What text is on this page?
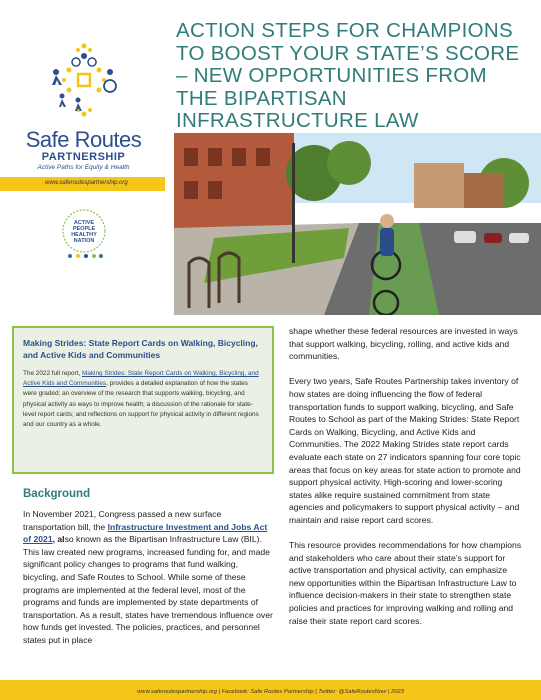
Safe Routes
PARTNERSHIP
Active Paths for Equity & Health
www.saferoutespartnership.org
ACTIVE
PEOPLE
HEALTHY
NATION
ACTION STEPS FOR CHAMPIONS TO BOOST YOUR STATE’S SCORE – NEW OPPORTUNITIES FROM THE BIPARTISAN INFRASTRUCTURE LAW
Making Strides: State Report Cards on Walking, Bicycling, and Active Kids and Communities

The 2022 full report, Making Strides: State Report Cards on Walking, Bicycling, and Active Kids and Communities, provides a detailed explanation of how the states were graded; an overview of the research that supports walking, bicycling, and physical activity as ways to improve health; a discussion of the rationale for state-level report cards; and reflections on support for physical activity in different regions and our country as a whole.

Background
In November 2021, Congress passed a new surface transportation bill, the Infrastructure Investment and Jobs Act of 2021, also known as the Bipartisan Infrastructure Law (BIL). This law created new programs, increased funding for, and made significant policy changes to programs that fund walking, bicycling, and Safe Routes to School. While some of these programs are implemented at the federal level, most of the programs and funds are implemented by state departments of transportation. As a result, states have tremendous influence over how funds get invested. The policies, practices, and personnel states put in place

shape whether these federal resources are invested in ways that support walking, bicycling, rolling, and active kids and communities.

Every two years, Safe Routes Partnership takes inventory of how states are doing influencing the flow of federal transportation funds to support walking, bicycling, and Safe Routes to School as part of the Making Strides: State Report Cards on Walking, Bicycling, and Active Kids and Communities. The 2022 Making Strides state report cards evaluate each state on 27 indicators spanning four core topic areas that focus on key areas for state action to promote and support physical activity. High-scoring and lower-scoring states alike require sustained commitment from state agencies and policymakers to support physical activity – and maintain and raise report card scores.

This resource provides recommendations for how champions and stakeholders who care about their state’s support for active transportation and physical activity, can emphasize new opportunities within the Bipartisan Infrastructure Law to influence decision-makers in their state to strengthen state policies and practices for improving walking and rolling and raise their state report card scores.

www.saferoutespartnership.org | Facebook: Safe Routes Partnership | Twitter: @SafeRoutesNow | 2023
